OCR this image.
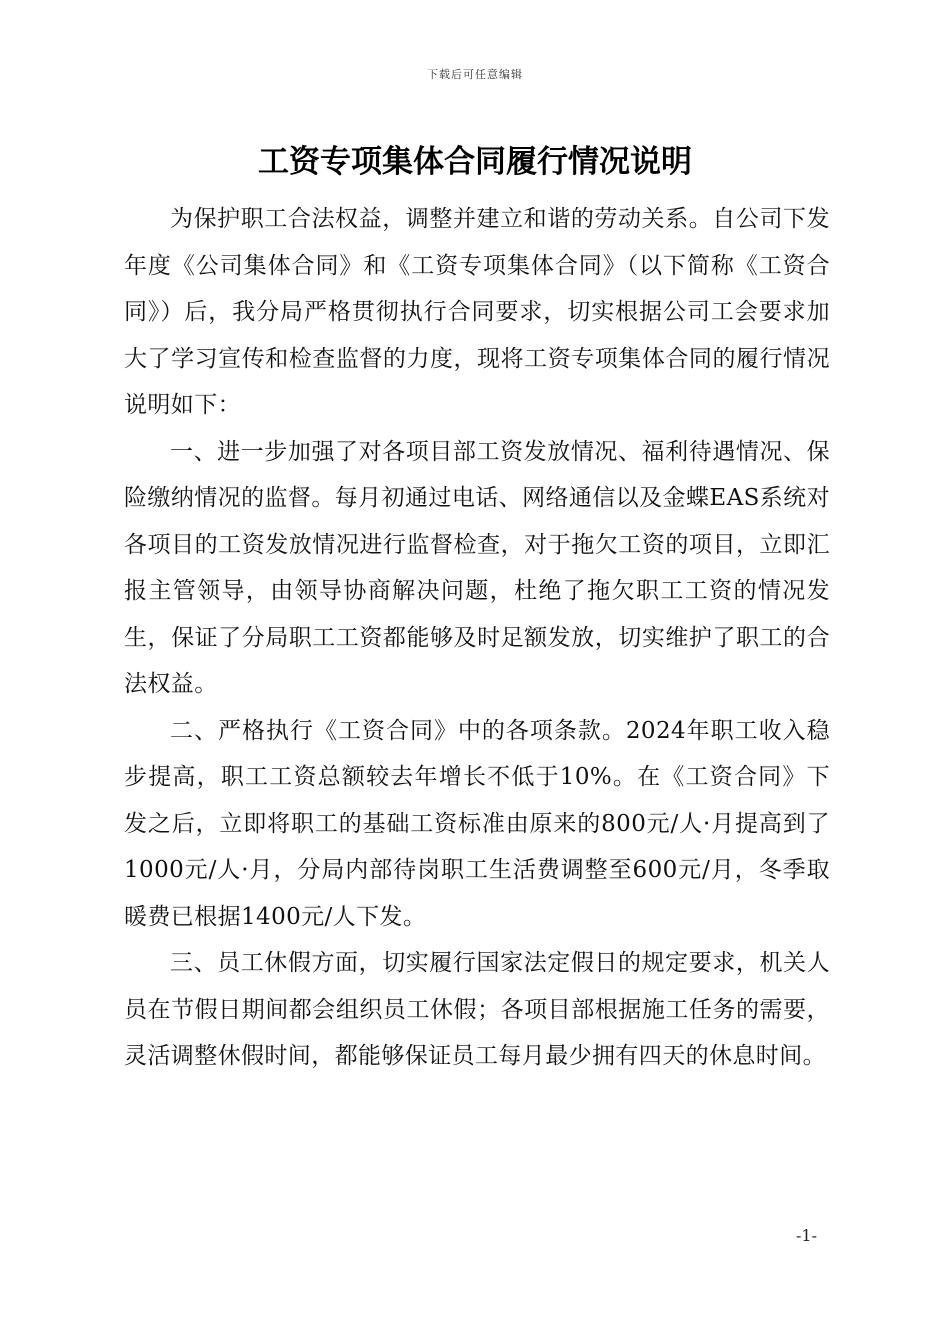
下载后可任意编辑
工资专项集体合同履行情况说明

为保护职工合法权益，调整并建立和谐的劳动关系。自公司下发年度《公司集体合同》和《工资专项集体合同》（以下简称《工资合同》）后，我分局严格贯彻执行合同要求，切实根据公司工会要求加大了学习宣传和检查监督的力度，现将工资专项集体合同的履行情况说明如下：

一、进一步加强了对各项目部工资发放情况、福利待遇情况、保险缴纳情况的监督。每月初通过电话、网络通信以及金蝶EAS系统对各项目的工资发放情况进行监督检查，对于拖欠工资的项目，立即汇报主管领导，由领导协商解决问题，杜绝了拖欠职工工资的情况发生，保证了分局职工工资都能够及时足额发放，切实维护了职工的合法权益。

二、严格执行《工资合同》中的各项条款。2024年职工收入稳步提高，职工工资总额较去年增长不低于10%。在《工资合同》下发之后，立即将职工的基础工资标准由原来的800元/人·月提高到了1000元/人·月，分局内部待岗职工生活费调整至600元/月，冬季取暖费已根据1400元/人下发。

三、员工休假方面，切实履行国家法定假日的规定要求，机关人员在节假日期间都会组织员工休假；各项目部根据施工任务的需要，灵活调整休假时间，都能够保证员工每月最少拥有四天的休息时间。

-1-
